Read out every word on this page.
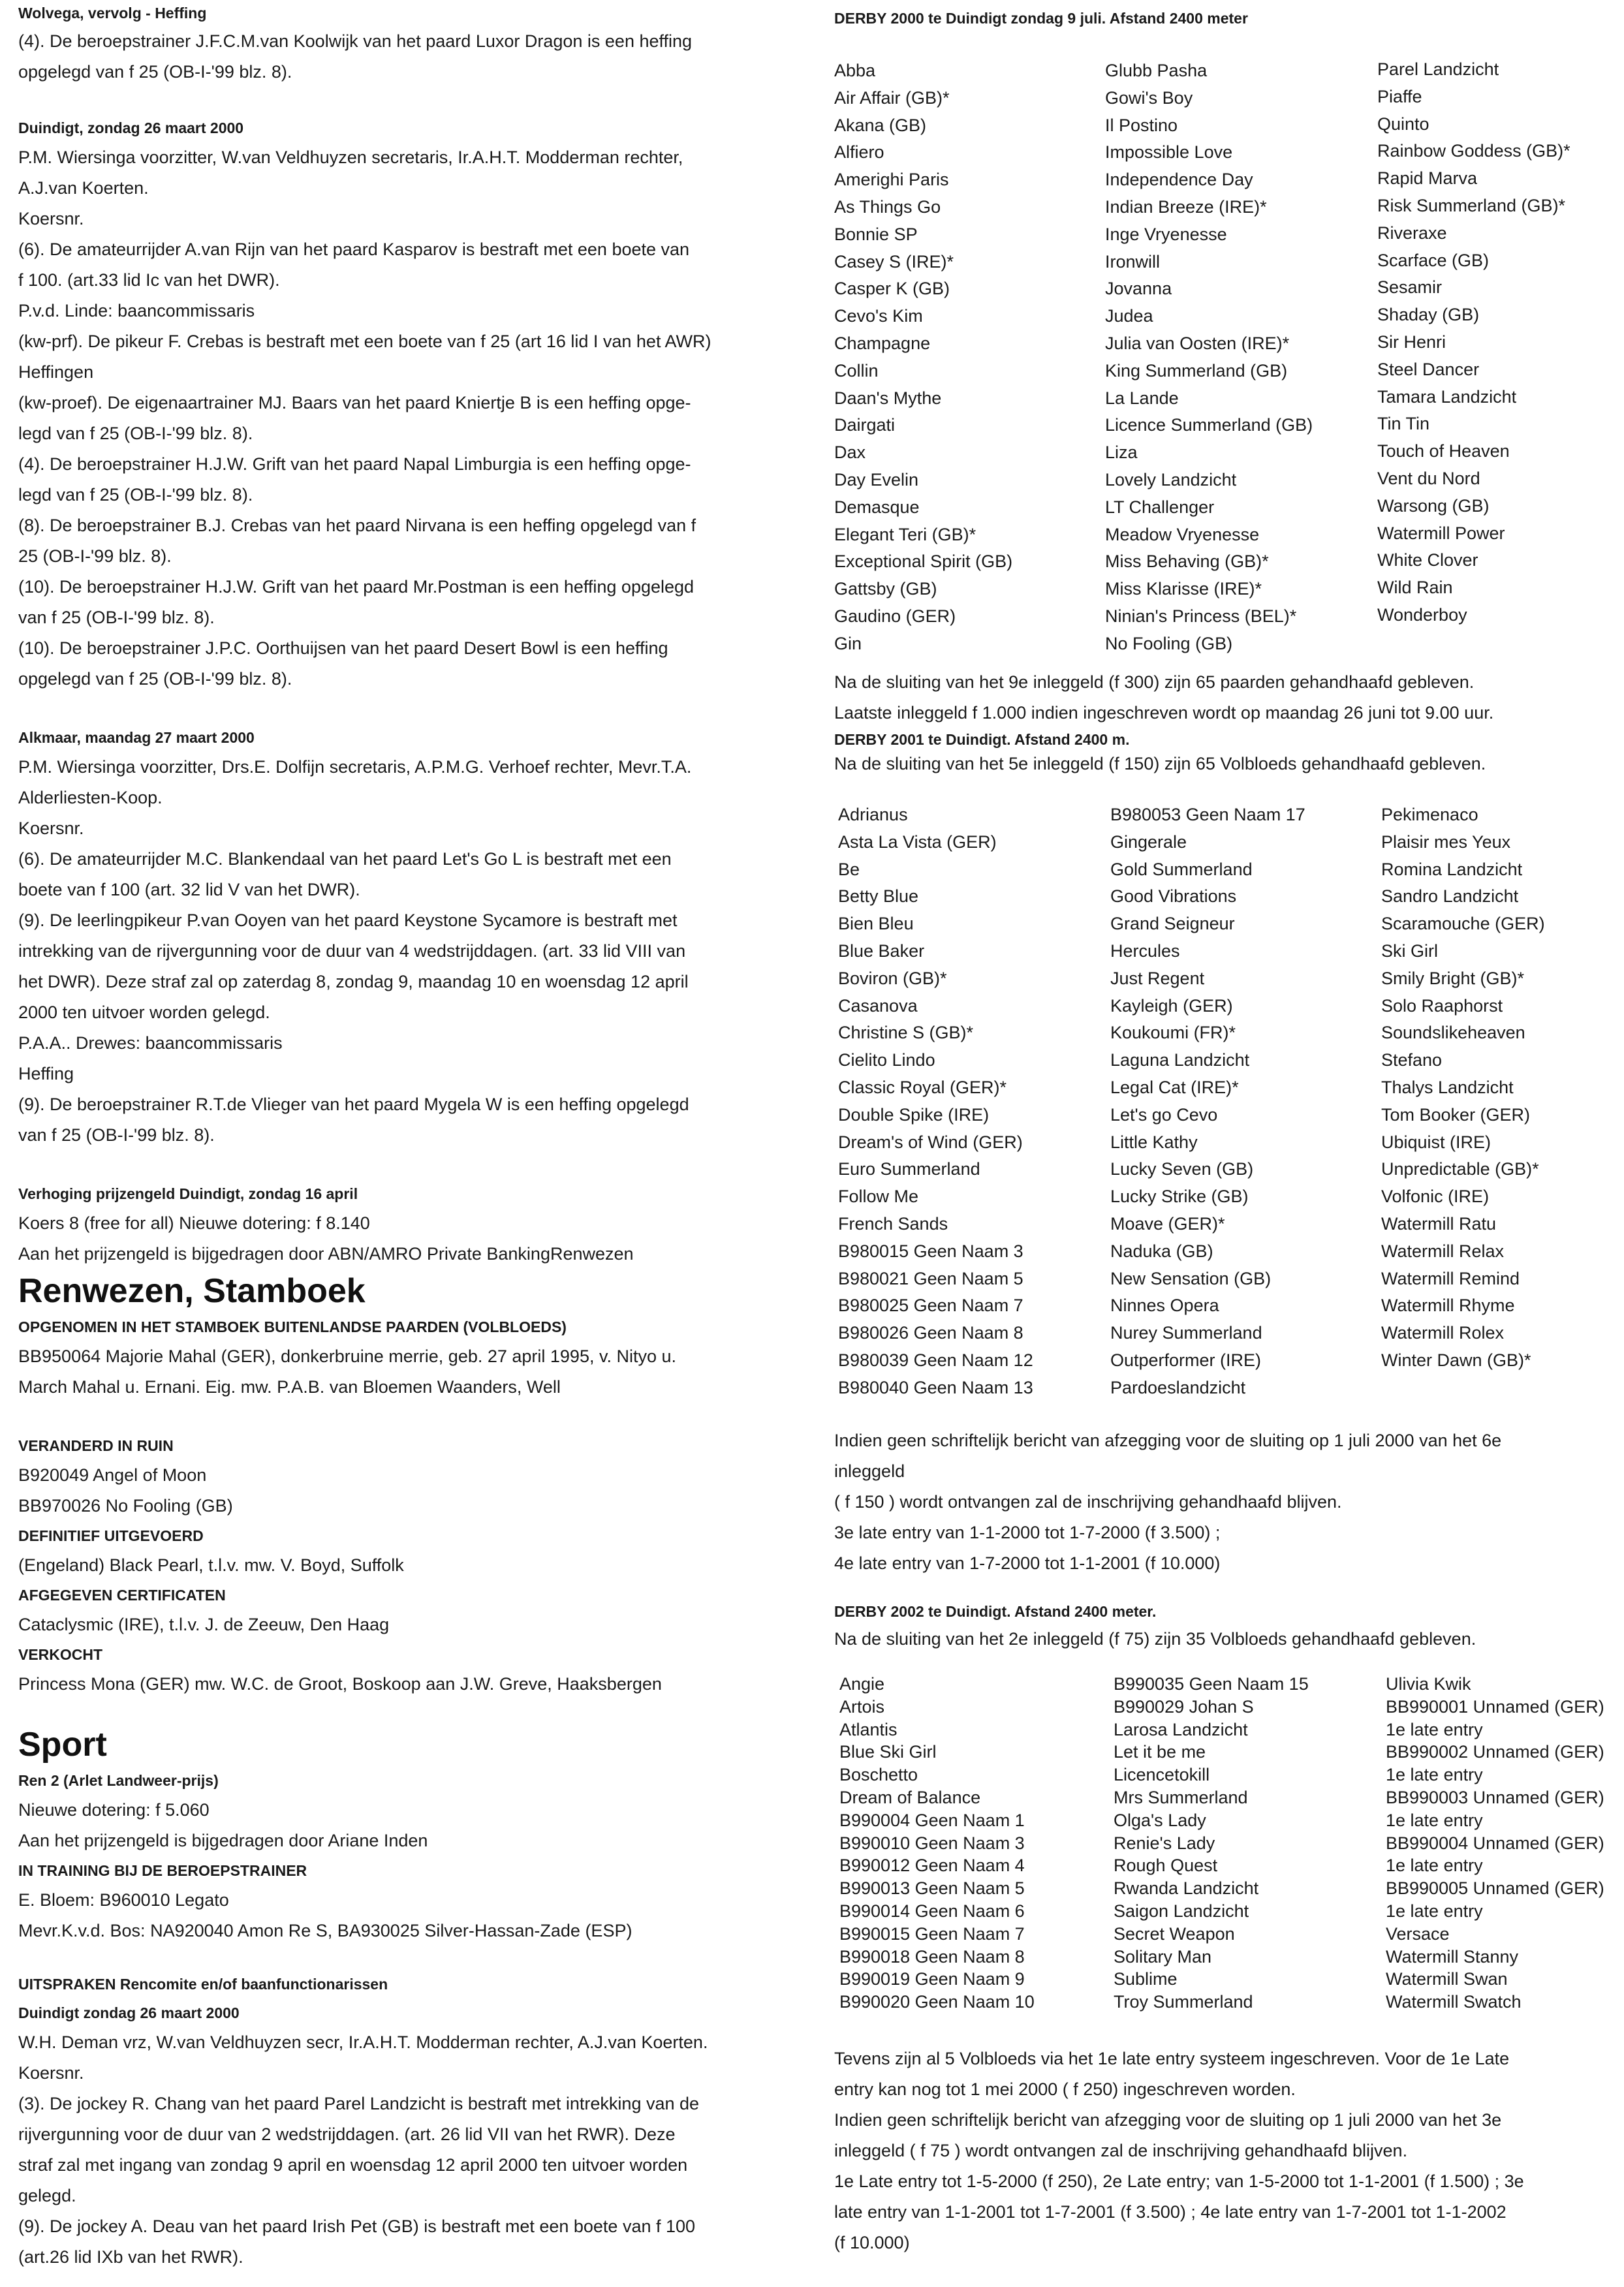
Wolvega, vervolg - Heffing
(4). De beroepstrainer J.F.C.M.van Koolwijk van het paard Luxor Dragon is een heffing
opgelegd van f 25 (OB-I-'99 blz. 8).
Duindigt, zondag 26 maart 2000
P.M. Wiersinga voorzitter, W.van Veldhuyzen secretaris, Ir.A.H.T. Modderman rechter,
A.J.van Koerten.
Koersnr.
(6). De amateurrijder A.van Rijn van het paard Kasparov is bestraft met een boete van
f 100. (art.33 lid Ic van het DWR).
P.v.d. Linde: baancommissaris
(kw-prf). De pikeur F. Crebas is bestraft met een boete van f 25 (art 16 lid I van het AWR)
Heffingen
(kw-proef). De eigenaartrainer MJ. Baars van het paard Kniertje B is een heffing opge-
legd van f 25 (OB-I-'99 blz. 8).
(4). De beroepstrainer H.J.W. Grift van het paard Napal Limburgia is een heffing opge-
legd van f 25 (OB-I-'99 blz. 8).
(8). De beroepstrainer B.J. Crebas van het paard Nirvana is een heffing opgelegd van f
25 (OB-I-'99 blz. 8).
(10). De beroepstrainer H.J.W. Grift van het paard Mr.Postman is een heffing opgelegd
van f 25 (OB-I-'99 blz. 8).
(10). De beroepstrainer J.P.C. Oorthuijsen van het paard Desert Bowl is een heffing
opgelegd van f 25 (OB-I-'99 blz. 8).
Alkmaar, maandag 27 maart 2000
P.M. Wiersinga voorzitter, Drs.E. Dolfijn secretaris, A.P.M.G. Verhoef rechter, Mevr.T.A.
Alderliesten-Koop.
Koersnr.
(6). De amateurrijder M.C. Blankendaal van het paard Let's Go L is bestraft met een
boete van f 100 (art. 32 lid V van het DWR).
(9). De leerlingpikeur P.van Ooyen van het paard Keystone Sycamore is bestraft met
intrekking van de rijvergunning voor de duur van 4 wedstrijddagen. (art. 33 lid VIII van
het DWR). Deze straf zal op zaterdag 8, zondag 9, maandag 10 en woensdag 12 april
2000 ten uitvoer worden gelegd.
P.A.A.. Drewes: baancommissaris
Heffing
(9). De beroepstrainer R.T.de Vlieger van het paard Mygela W is een heffing opgelegd
van f 25 (OB-I-'99 blz. 8).
Verhoging prijzengeld Duindigt, zondag 16 april
Koers 8 (free for all) Nieuwe dotering: f 8.140
Aan het prijzengeld is bijgedragen door ABN/AMRO Private BankingRenwezen
Renwezen, Stamboek
OPGENOMEN IN HET STAMBOEK BUITENLANDSE PAARDEN (VOLBLOEDS)
BB950064 Majorie Mahal (GER), donkerbruine merrie, geb. 27 april 1995, v. Nityo u.
March Mahal u. Ernani. Eig. mw. P.A.B. van Bloemen Waanders, Well
VERANDERD IN RUIN
B920049 Angel of Moon
BB970026 No Fooling (GB)
DEFINITIEF UITGEVOERD
(Engeland) Black Pearl, t.l.v. mw. V. Boyd, Suffolk
AFGEGEVEN CERTIFICATEN
Cataclysmic (IRE), t.l.v. J. de Zeeuw, Den Haag
VERKOCHT
Princess Mona (GER) mw. W.C. de Groot, Boskoop aan J.W. Greve, Haaksbergen
Sport
Ren 2 (Arlet Landweer-prijs)
Nieuwe dotering: f 5.060
Aan het prijzengeld is bijgedragen door Ariane Inden
IN TRAINING BIJ DE BEROEPSTRAINER
E. Bloem: B960010 Legato
Mevr.K.v.d. Bos: NA920040 Amon Re S, BA930025 Silver-Hassan-Zade (ESP)
UITSPRAKEN Rencomite en/of baanfunctionarissen
Duindigt zondag 26 maart 2000
W.H. Deman vrz, W.van Veldhuyzen secr, Ir.A.H.T. Modderman rechter, A.J.van Koerten.
Koersnr.
(3). De jockey R. Chang van het paard Parel Landzicht is bestraft met intrekking van de
rijvergunning voor de duur van 2 wedstrijddagen. (art. 26 lid VII van het RWR). Deze
straf zal met ingang van zondag 9 april en woensdag 12 april 2000 ten uitvoer worden
gelegd.
(9). De jockey A. Deau van het paard Irish Pet (GB) is bestraft met een boete van f 100
(art.26 lid IXb van het RWR).
DERBY 2000 te Duindigt zondag 9 juli. Afstand 2400 meter
Abba
Air Affair (GB)*
Akana (GB)
Alfiero
Amerighi Paris
As Things Go
Bonnie SP
Casey S (IRE)*
Casper K (GB)
Cevo's Kim
Champagne
Collin
Daan's Mythe
Dairgati
Dax
Day Evelin
Demasque
Elegant Teri (GB)*
Exceptional Spirit (GB)
Gattsby (GB)
Gaudino (GER)
Gin
Glubb Pasha
Gowi's Boy
Il Postino
Impossible Love
Independence Day
Indian Breeze (IRE)*
Inge Vryenesse
Ironwill
Jovanna
Judea
Julia van Oosten (IRE)*
King Summerland (GB)
La Lande
Licence Summerland (GB)
Liza
Lovely Landzicht
LT Challenger
Meadow Vryenesse
Miss Behaving (GB)*
Miss Klarisse (IRE)*
Ninian's Princess (BEL)*
No Fooling (GB)
Parel Landzicht
Piaffe
Quinto
Rainbow Goddess (GB)*
Rapid Marva
Risk Summerland (GB)*
Riveraxe
Scarface (GB)
Sesamir
Shaday (GB)
Sir Henri
Steel Dancer
Tamara Landzicht
Tin Tin
Touch of Heaven
Vent du Nord
Warsong (GB)
Watermill Power
White Clover
Wild Rain
Wonderboy
Na de sluiting van het 9e inleggeld (f 300) zijn 65 paarden gehandhaafd gebleven.
Laatste inleggeld f 1.000 indien ingeschreven wordt op maandag 26 juni tot 9.00 uur.
DERBY 2001 te Duindigt. Afstand 2400 m.

Na de sluiting van het 5e inleggeld (f 150) zijn 65 Volbloeds gehandhaafd gebleven.

Adrianus
Asta La Vista (GER)
Be
Betty Blue
Bien Bleu
Blue Baker
Boviron (GB)*
Casanova
Christine S (GB)*
Cielito Lindo
Classic Royal (GER)*
Double Spike (IRE)
Dream's of Wind (GER)
Euro Summerland
Follow Me
French Sands
B980015 Geen Naam 3
B980021 Geen Naam 5
B980025 Geen Naam 7
B980026 Geen Naam 8
B980039 Geen Naam 12
B980040 Geen Naam 13
B980053 Geen Naam 17
Gingerale
Gold Summerland
Good Vibrations
Grand Seigneur
Hercules
Just Regent
Kayleigh (GER)
Koukoumi (FR)*
Laguna Landzicht
Legal Cat (IRE)*
Let's go Cevo
Little Kathy
Lucky Seven (GB)
Lucky Strike (GB)
Moave (GER)*
Naduka (GB)
New Sensation (GB)
Ninnes Opera
Nurey Summerland
Outperformer (IRE)
Pardoeslandzicht
Pekimenaco
Plaisir mes Yeux
Romina Landzicht
Sandro Landzicht
Scaramouche (GER)
Ski Girl
Smily Bright (GB)*
Solo Raaphorst
Soundslikeheaven
Stefano
Thalys Landzicht
Tom Booker (GER)
Ubiquist (IRE)
Unpredictable (GB)*
Volfonic (IRE)
Watermill Ratu
Watermill Relax
Watermill Remind
Watermill Rhyme
Watermill Rolex
Winter Dawn (GB)*
Indien geen schriftelijk bericht van afzegging voor de sluiting op 1 juli 2000 van het 6e
inleggeld
( f 150 ) wordt ontvangen zal de inschrijving gehandhaafd blijven.
3e late entry van 1-1-2000 tot 1-7-2000 (f 3.500) ;
4e late entry van 1-7-2000 tot 1-1-2001 (f 10.000)
DERBY 2002 te Duindigt. Afstand 2400 meter.

Na de sluiting van het 2e inleggeld (f 75) zijn 35 Volbloeds gehandhaafd gebleven.

Angie
Artois
Atlantis
Blue Ski Girl
Boschetto
Dream of Balance
B990004 Geen Naam 1
B990010 Geen Naam 3
B990012 Geen Naam 4
B990013 Geen Naam 5
B990014 Geen Naam 6
B990015 Geen Naam 7
B990018 Geen Naam 8
B990019 Geen Naam 9
B990020 Geen Naam 10
B990035 Geen Naam 15
B990029 Johan S
Larosa Landzicht
Let it be me
Licencetokill
Mrs Summerland
Olga's Lady
Renie's Lady
Rough Quest
Rwanda Landzicht
Saigon Landzicht
Secret Weapon
Solitary Man
Sublime
Troy Summerland
Ulivia Kwik
BB990001 Unnamed (GER)
1e late entry
BB990002 Unnamed (GER)
1e late entry
BB990003 Unnamed (GER)
1e late entry
BB990004 Unnamed (GER)
1e late entry
BB990005 Unnamed (GER)
1e late entry
Versace
Watermill Stanny
Watermill Swan
Watermill Swatch
Tevens zijn al 5 Volbloeds via het 1e late entry systeem ingeschreven. Voor de 1e Late
entry kan nog tot 1 mei 2000 ( f 250) ingeschreven worden.
Indien geen schriftelijk bericht van afzegging voor de sluiting op 1 juli 2000 van het 3e
inleggeld ( f 75 ) wordt ontvangen zal de inschrijving gehandhaafd blijven.
1e Late entry tot 1-5-2000 (f 250), 2e Late entry; van 1-5-2000 tot 1-1-2001 (f 1.500) ; 3e
late entry van 1-1-2001 tot 1-7-2001 (f 3.500) ; 4e late entry van 1-7-2001 tot 1-1-2002
(f 10.000)
